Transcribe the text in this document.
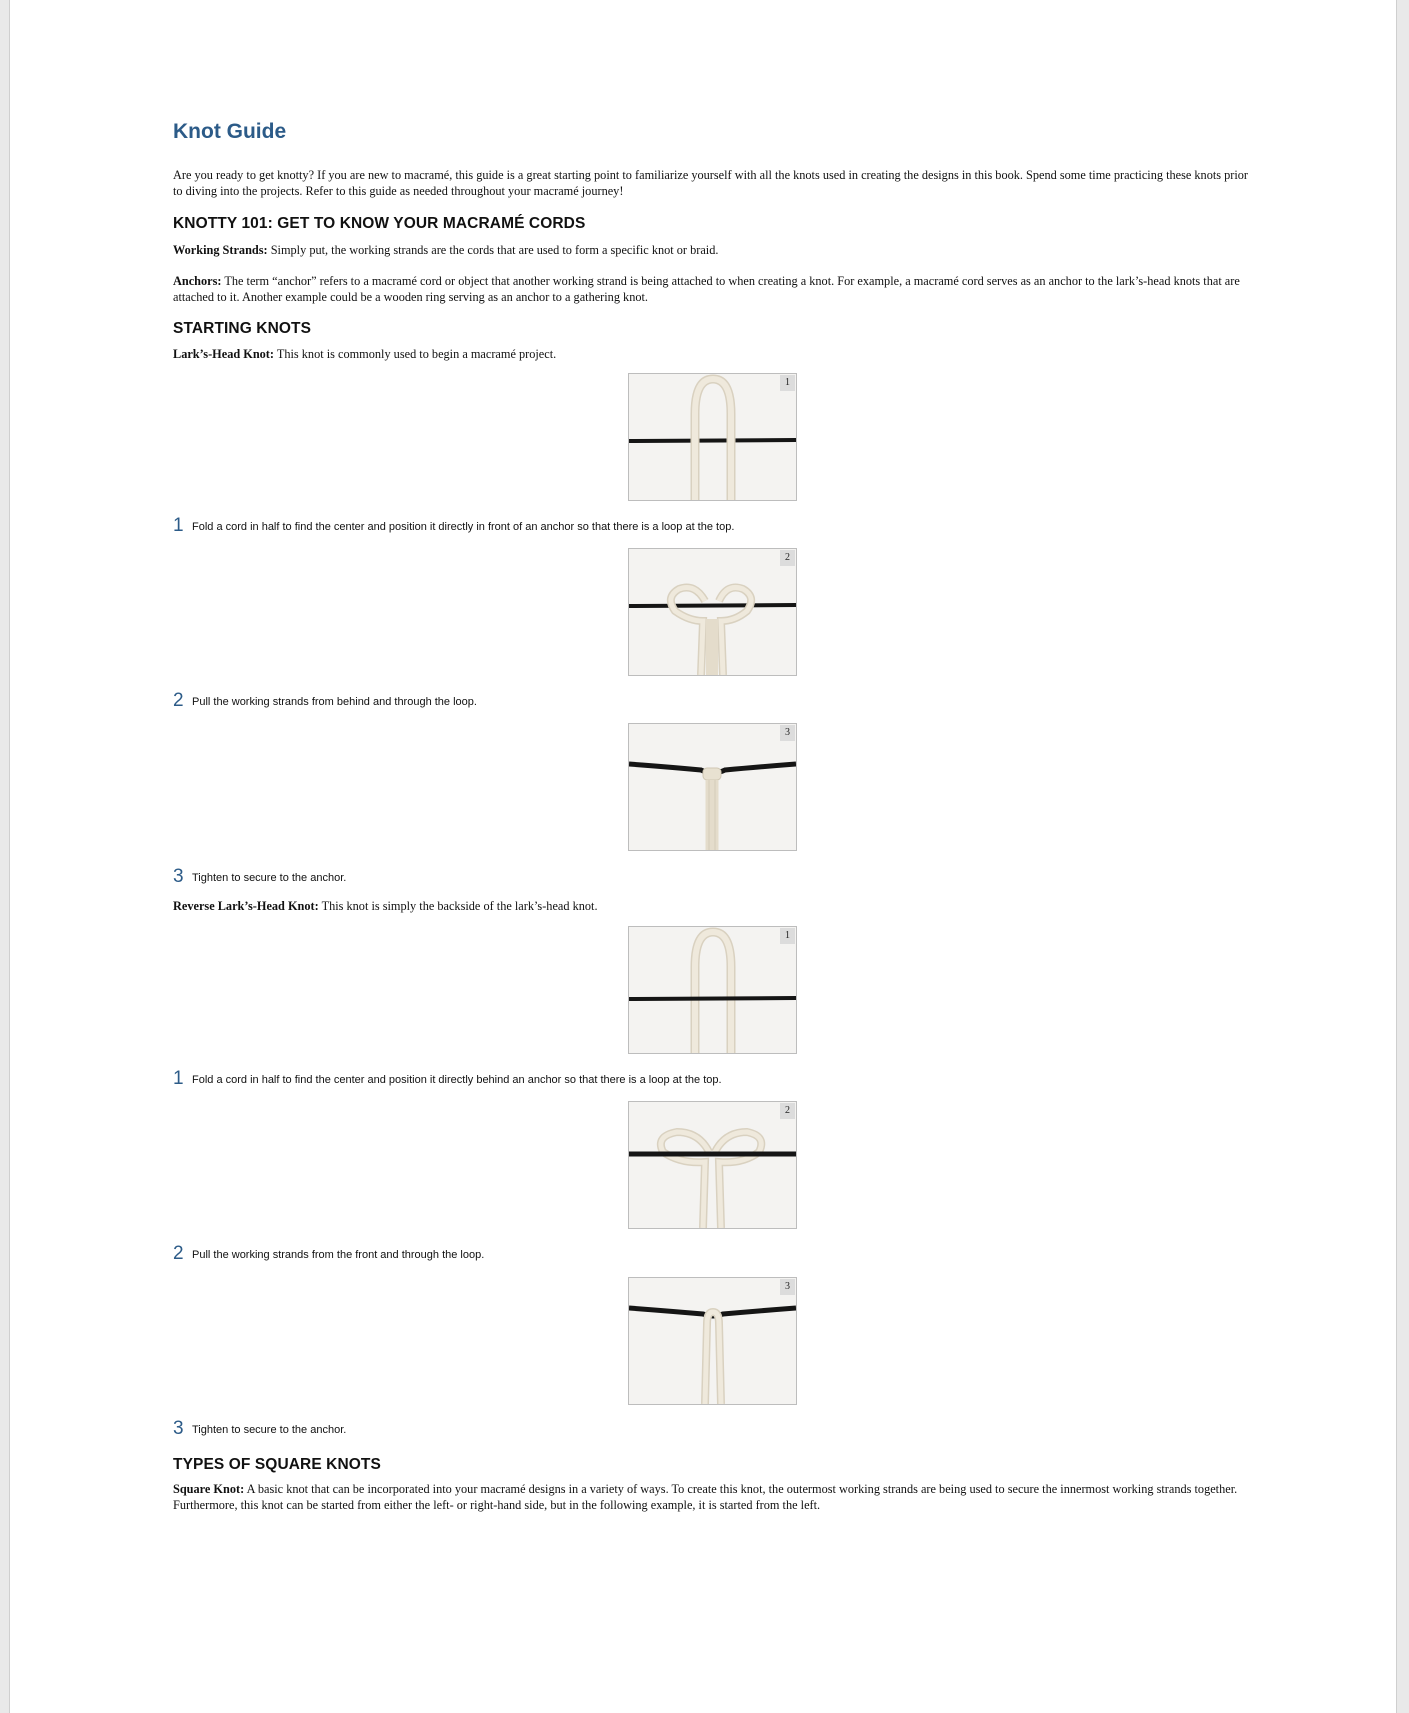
Knot Guide

Are you ready to get knotty? If you are new to macramé, this guide is a great starting point to familiarize yourself with all the knots used in creating the designs in this book. Spend some time practicing these knots prior to diving into the projects. Refer to this guide as needed throughout your macramé journey!

KNOTTY 101: GET TO KNOW YOUR MACRAMÉ CORDS

Working Strands: Simply put, the working strands are the cords that are used to form a specific knot or braid.

Anchors: The term “anchor” refers to a macramé cord or object that another working strand is being attached to when creating a knot. For example, a macramé cord serves as an anchor to the lark’s-head knots that are attached to it. Another example could be a wooden ring serving as an anchor to a gathering knot.

STARTING KNOTS

Lark’s-Head Knot: This knot is commonly used to begin a macramé project.

1
1 Fold a cord in half to find the center and position it directly in front of an anchor so that there is a loop at the top.
2
2 Pull the working strands from behind and through the loop.
3
3 Tighten to secure to the anchor.

Reverse Lark’s-Head Knot: This knot is simply the backside of the lark’s-head knot.

1
1 Fold a cord in half to find the center and position it directly behind an anchor so that there is a loop at the top.
2
2 Pull the working strands from the front and through the loop.
3
3 Tighten to secure to the anchor.
TYPES OF SQUARE KNOTS

Square Knot: A basic knot that can be incorporated into your macramé designs in a variety of ways. To create this knot, the outermost working strands are being used to secure the innermost working strands together. Furthermore, this knot can be started from either the left- or right-hand side, but in the following example, it is started from the left.
